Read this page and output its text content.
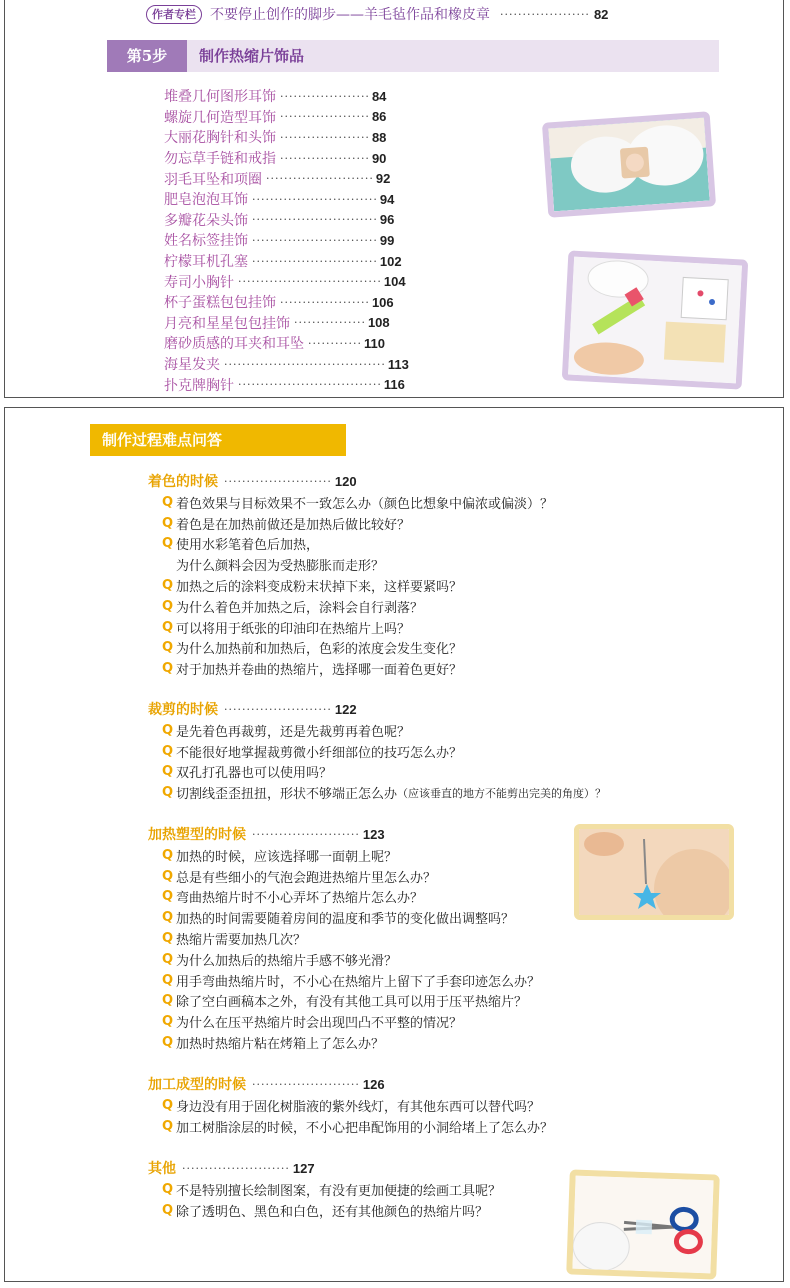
作者专栏	不要停止创作的脚步——羊毛毡作品和橡皮章 ···················· 82
第5步	制作热缩片饰品
堆叠几何图形耳饰 ···················· 84
螺旋几何造型耳饰 ···················· 86
大丽花胸针和头饰 ···················· 88
勿忘草手链和戒指 ···················· 90
羽毛耳坠和项圈 ························ 92
肥皂泡泡耳饰 ···························· 94
多瓣花朵头饰 ···························· 96
姓名标签挂饰 ···························· 99
柠檬耳机孔塞 ···························· 102
寿司小胸针 ································ 104
杯子蛋糕包包挂饰 ···················· 106
月亮和星星包包挂饰 ················ 108
磨砂质感的耳夹和耳坠 ············ 110
海星发夹 ···································· 113
扑克牌胸针 ································ 116
制作过程难点问答
着色的时候 ························ 120
Q 着色效果与目标效果不一致怎么办（颜色比想象中偏浓或偏淡）？
Q 着色是在加热前做还是加热后做比较好？
Q 使用水彩笔着色后加热，
为什么颜料会因为受热膨胀而走形？
Q 加热之后的涂料变成粉末状掉下来，这样要紧吗？
Q 为什么着色并加热之后，涂料会自行剥落？
Q 可以将用于纸张的印油印在热缩片上吗？
Q 为什么加热前和加热后，色彩的浓度会发生变化？
Q 对于加热并卷曲的热缩片，选择哪一面着色更好？
裁剪的时候 ························ 122
Q 是先着色再裁剪，还是先裁剪再着色呢？
Q 不能很好地掌握裁剪微小纤细部位的技巧怎么办？
Q 双孔打孔器也可以使用吗？
Q 切割线歪歪扭扭，形状不够端正怎么办 （应该垂直的地方不能剪出完美的角度）？
加热塑型的时候 ························ 123
Q 加热的时候，应该选择哪一面朝上呢？
Q 总是有些细小的气泡会跑进热缩片里怎么办？
Q 弯曲热缩片时不小心弄坏了热缩片怎么办？
Q 加热的时间需要随着房间的温度和季节的变化做出调整吗？
Q 热缩片需要加热几次？
Q 为什么加热后的热缩片手感不够光滑？
Q 用手弯曲热缩片时，不小心在热缩片上留下了手套印迹怎么办？
Q 除了空白画稿本之外，有没有其他工具可以用于压平热缩片？
Q 为什么在压平热缩片时会出现凹凸不平整的情况？
Q 加热时热缩片粘在烤箱上了怎么办？
加工成型的时候 ························ 126
Q 身边没有用于固化树脂液的紫外线灯，有其他东西可以替代吗？
Q 加工树脂涂层的时候，不小心把串配饰用的小洞给堵上了怎么办？
其他 ························ 127
Q 不是特别擅长绘制图案，有没有更加便捷的绘画工具呢？
Q 除了透明色、黑色和白色，还有其他颜色的热缩片吗？
